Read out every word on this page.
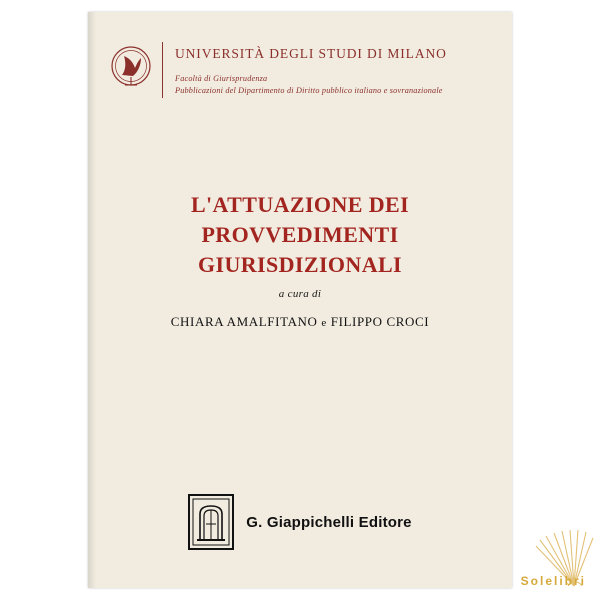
UNIVERSITÀ DEGLI STUDI DI MILANO
Facoltà di Giurisprudenza
Pubblicazioni del Dipartimento di Diritto pubblico italiano e sovranazionale
L'ATTUAZIONE DEI
PROVVEDIMENTI GIURISDIZIONALI
a cura di
CHIARA AMALFITANO e FILIPPO CROCI
G. Giappichelli Editore
Solelibri
